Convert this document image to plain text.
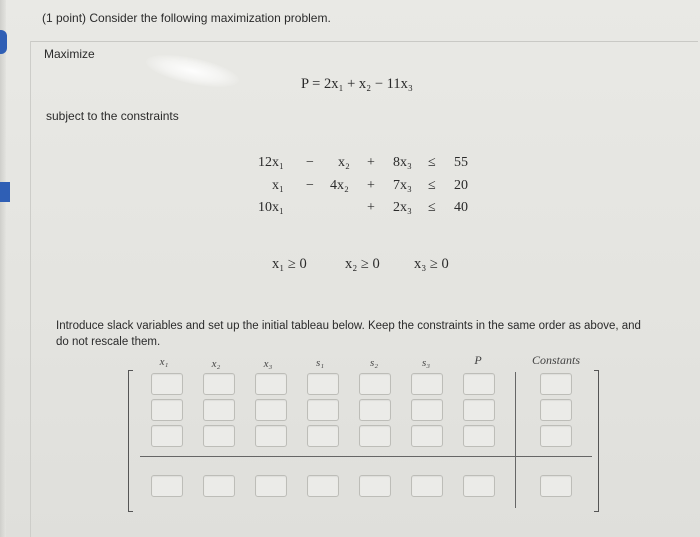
(1 point) Consider the following maximization problem.
Maximize
P = 2x₁ + x₂ − 11x₃
subject to the constraints
12x₁ − x₂ + 8x₃ ≤ 55
x₁ − 4x₂ + 7x₃ ≤ 20
10x₁	+ 2x₃ ≤ 40
x₁ ≥ 0	x₂ ≥ 0 x₃ ≥ 0
Introduce slack variables and set up the initial tableau below. Keep the constraints in the same order as above, and
do not rescale them.
x₁	x₂	x₃	s₁	s₂	s₃	P	Constants
